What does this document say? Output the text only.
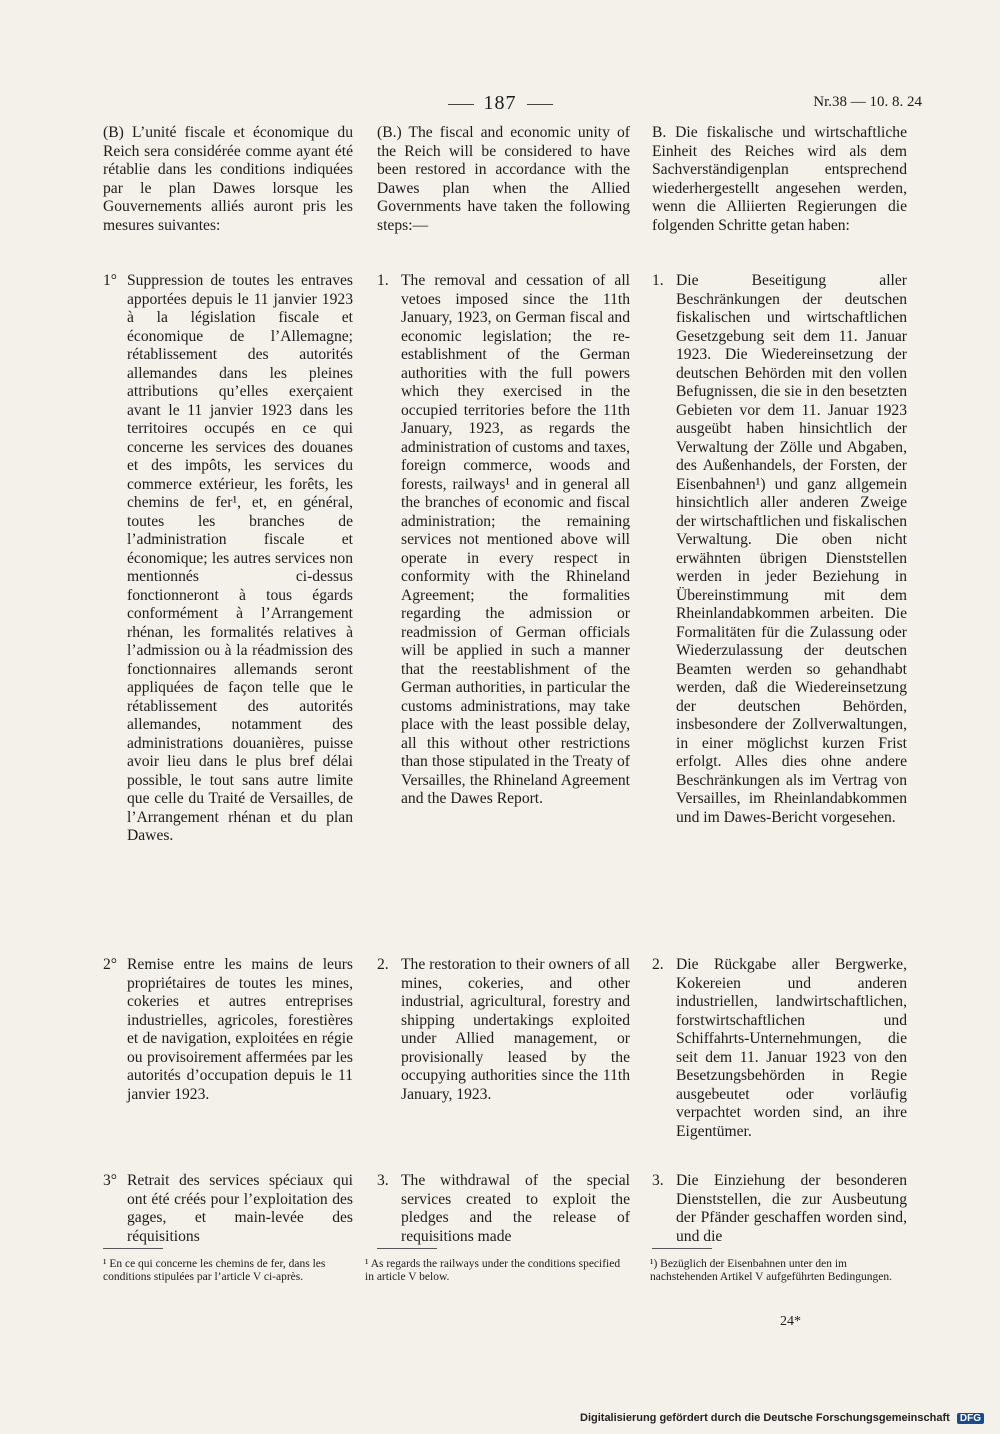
187	Nr.38 — 10. 8. 24

(B) L’unité fiscale et économique du Reich sera considérée comme ayant été rétablie dans les conditions indiquées par le plan Dawes lorsque les Gouvernements alliés auront pris les mesures suivantes:

1° Suppression de toutes les entraves apportées depuis le 11 janvier 1923 à la législation fiscale et économique de l’Allemagne; rétablissement des autorités allemandes dans les pleines attributions qu’elles exerçaient avant le 11 janvier 1923 dans les territoires occupés en ce qui concerne les services des douanes et des impôts, les services du commerce extérieur, les forêts, les chemins de fer¹, et, en général, toutes les branches de l’administration fiscale et économique; les autres services non mentionnés ci-dessus fonctionneront à tous égards conformément à l’Arrangement rhénan, les formalités relatives à l’admission ou à la réadmission des fonctionnaires allemands seront appliquées de façon telle que le rétablissement des autorités allemandes, notamment des administrations douanières, puisse avoir lieu dans le plus bref délai possible, le tout sans autre limite que celle du Traité de Versailles, de l’Arrangement rhénan et du plan Dawes.
2° Remise entre les mains de leurs propriétaires de toutes les mines, cokeries et autres entreprises industrielles, agricoles, forestières et de navigation, exploitées en régie ou provisoirement affermées par les autorités d’occupation depuis le 11 janvier 1923.
3° Retrait des services spéciaux qui ont été créés pour l’exploitation des gages, et main-levée des réquisitions

(B.) The fiscal and economic unity of the Reich will be considered to have been restored in accordance with the Dawes plan when the Allied Governments have taken the following steps:—

1. The removal and cessation of all vetoes imposed since the 11th January, 1923, on German fiscal and economic legislation; the re-establishment of the German authorities with the full powers which they exercised in the occupied territories before the 11th January, 1923, as regards the administration of customs and taxes, foreign commerce, woods and forests, railways¹ and in general all the branches of economic and fiscal administration; the remaining services not mentioned above will operate in every respect in conformity with the Rhineland Agreement; the formalities regarding the admission or readmission of German officials will be applied in such a manner that the reestablishment of the German authorities, in particular the customs administrations, may take place with the least possible delay, all this without other restrictions than those stipulated in the Treaty of Versailles, the Rhineland Agreement and the Dawes Report.
2. The restoration to their owners of all mines, cokeries, and other industrial, agricultural, forestry and shipping undertakings exploited under Allied management, or provisionally leased by the occupying authorities since the 11th January, 1923.
3. The withdrawal of the special services created to exploit the pledges and the release of requisitions made

B. Die fiskalische und wirtschaftliche Einheit des Reiches wird als dem Sachverständigenplan entsprechend wiederhergestellt angesehen werden, wenn die Alliierten Regierungen die folgenden Schritte getan haben:

1. Die Beseitigung aller Beschränkungen der deutschen fiskalischen und wirtschaftlichen Gesetzgebung seit dem 11. Januar 1923. Die Wiedereinsetzung der deutschen Behörden mit den vollen Befugnissen, die sie in den besetzten Gebieten vor dem 11. Januar 1923 ausgeübt haben hinsichtlich der Verwaltung der Zölle und Abgaben, des Außenhandels, der Forsten, der Eisenbahnen¹) und ganz allgemein hinsichtlich aller anderen Zweige der wirtschaftlichen und fiskalischen Verwaltung. Die oben nicht erwähnten übrigen Dienststellen werden in jeder Beziehung in Übereinstimmung mit dem Rheinlandabkommen arbeiten. Die Formalitäten für die Zulassung oder Wiederzulassung der deutschen Beamten werden so gehandhabt werden, daß die Wiedereinsetzung der deutschen Behörden, insbesondere der Zollverwaltungen, in einer möglichst kurzen Frist erfolgt. Alles dies ohne andere Beschränkungen als im Vertrag von Versailles, im Rheinlandabkommen und im Dawes-Bericht vorgesehen.
2. Die Rückgabe aller Bergwerke, Kokereien und anderen industriellen, landwirtschaftlichen, forstwirtschaftlichen und Schiffahrts-Unternehmungen, die seit dem 11. Januar 1923 von den Besetzungsbehörden in Regie ausgebeutet oder vorläufig verpachtet worden sind, an ihre Eigentümer.
3. Die Einziehung der besonderen Dienststellen, die zur Ausbeutung der Pfänder geschaffen worden sind, und die
¹ En ce qui concerne les chemins de fer, dans les conditions stipulées par l’article V ci-après.
¹ As regards the railways under the conditions specified in article V below.
¹) Bezüglich der Eisenbahnen unter den im nachstehenden Artikel V aufgeführten Bedingungen.
24*
Digitalisierung gefördert durch die Deutsche Forschungsgemeinschaft DFG
